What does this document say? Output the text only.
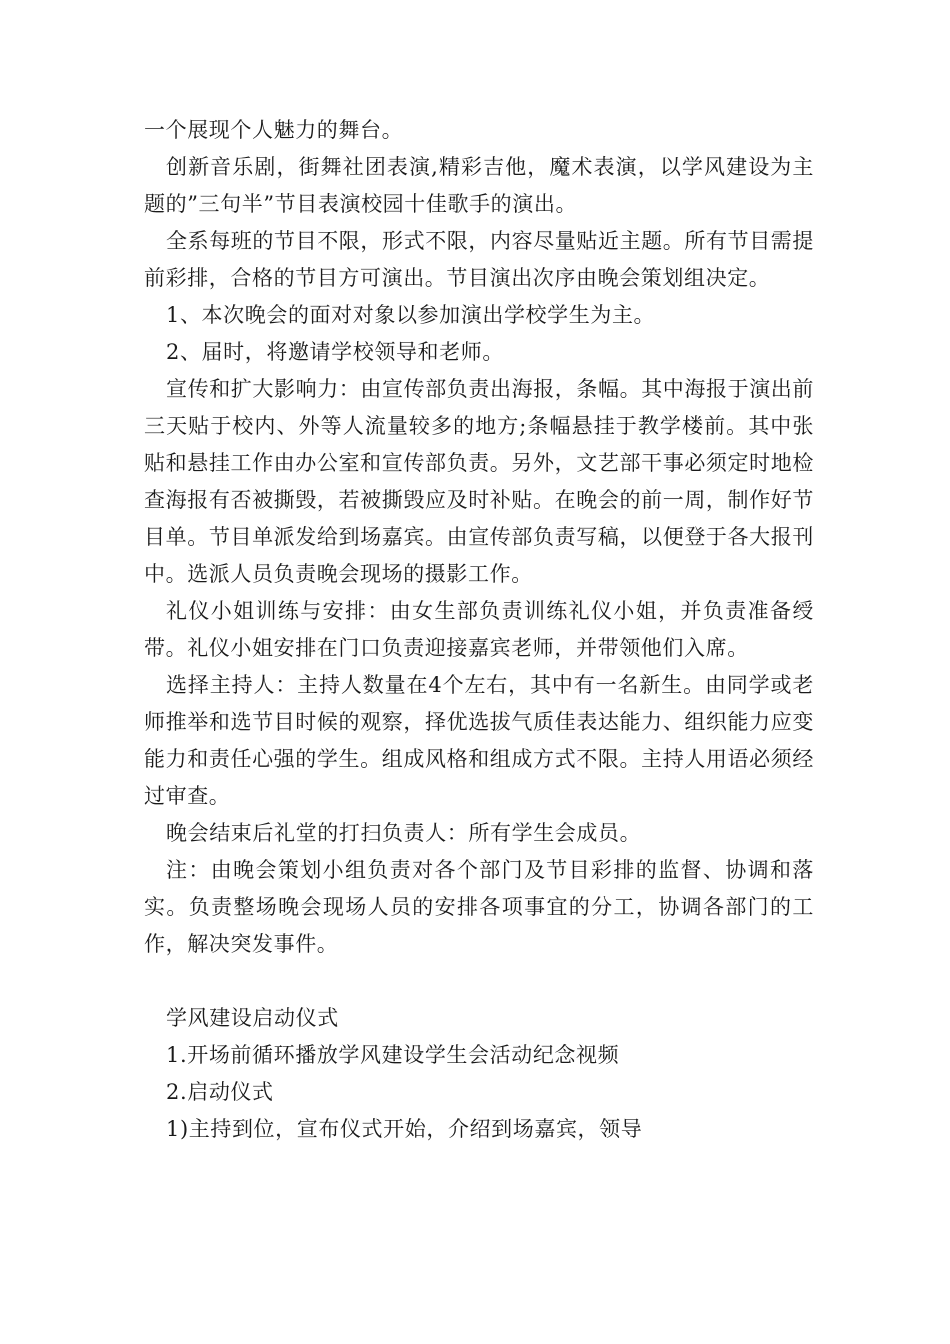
一个展现个人魅力的舞台。

创新音乐剧，街舞社团表演,精彩吉他，魔术表演，以学风建设为主题的”三句半”节目表演校园十佳歌手的演出。

全系每班的节目不限，形式不限，内容尽量贴近主题。所有节目需提前彩排，合格的节目方可演出。节目演出次序由晚会策划组决定。

1、本次晚会的面对对象以参加演出学校学生为主。

2、届时，将邀请学校领导和老师。

宣传和扩大影响力：由宣传部负责出海报，条幅。其中海报于演出前三天贴于校内、外等人流量较多的地方;条幅悬挂于教学楼前。其中张贴和悬挂工作由办公室和宣传部负责。另外，文艺部干事必须定时地检查海报有否被撕毁，若被撕毁应及时补贴。在晚会的前一周，制作好节目单。节目单派发给到场嘉宾。由宣传部负责写稿，以便登于各大报刊中。选派人员负责晚会现场的摄影工作。

礼仪小姐训练与安排：由女生部负责训练礼仪小姐，并负责准备绶带。礼仪小姐安排在门口负责迎接嘉宾老师，并带领他们入席。

选择主持人：主持人数量在4个左右，其中有一名新生。由同学或老师推举和选节目时候的观察，择优选拔气质佳表达能力、组织能力应变能力和责任心强的学生。组成风格和组成方式不限。主持人用语必须经过审查。

晚会结束后礼堂的打扫负责人：所有学生会成员。

注：由晚会策划小组负责对各个部门及节目彩排的监督、协调和落实。负责整场晚会现场人员的安排各项事宜的分工，协调各部门的工作，解决突发事件。

学风建设启动仪式

1.开场前循环播放学风建设学生会活动纪念视频

2.启动仪式

1)主持到位，宣布仪式开始，介绍到场嘉宾，领导
